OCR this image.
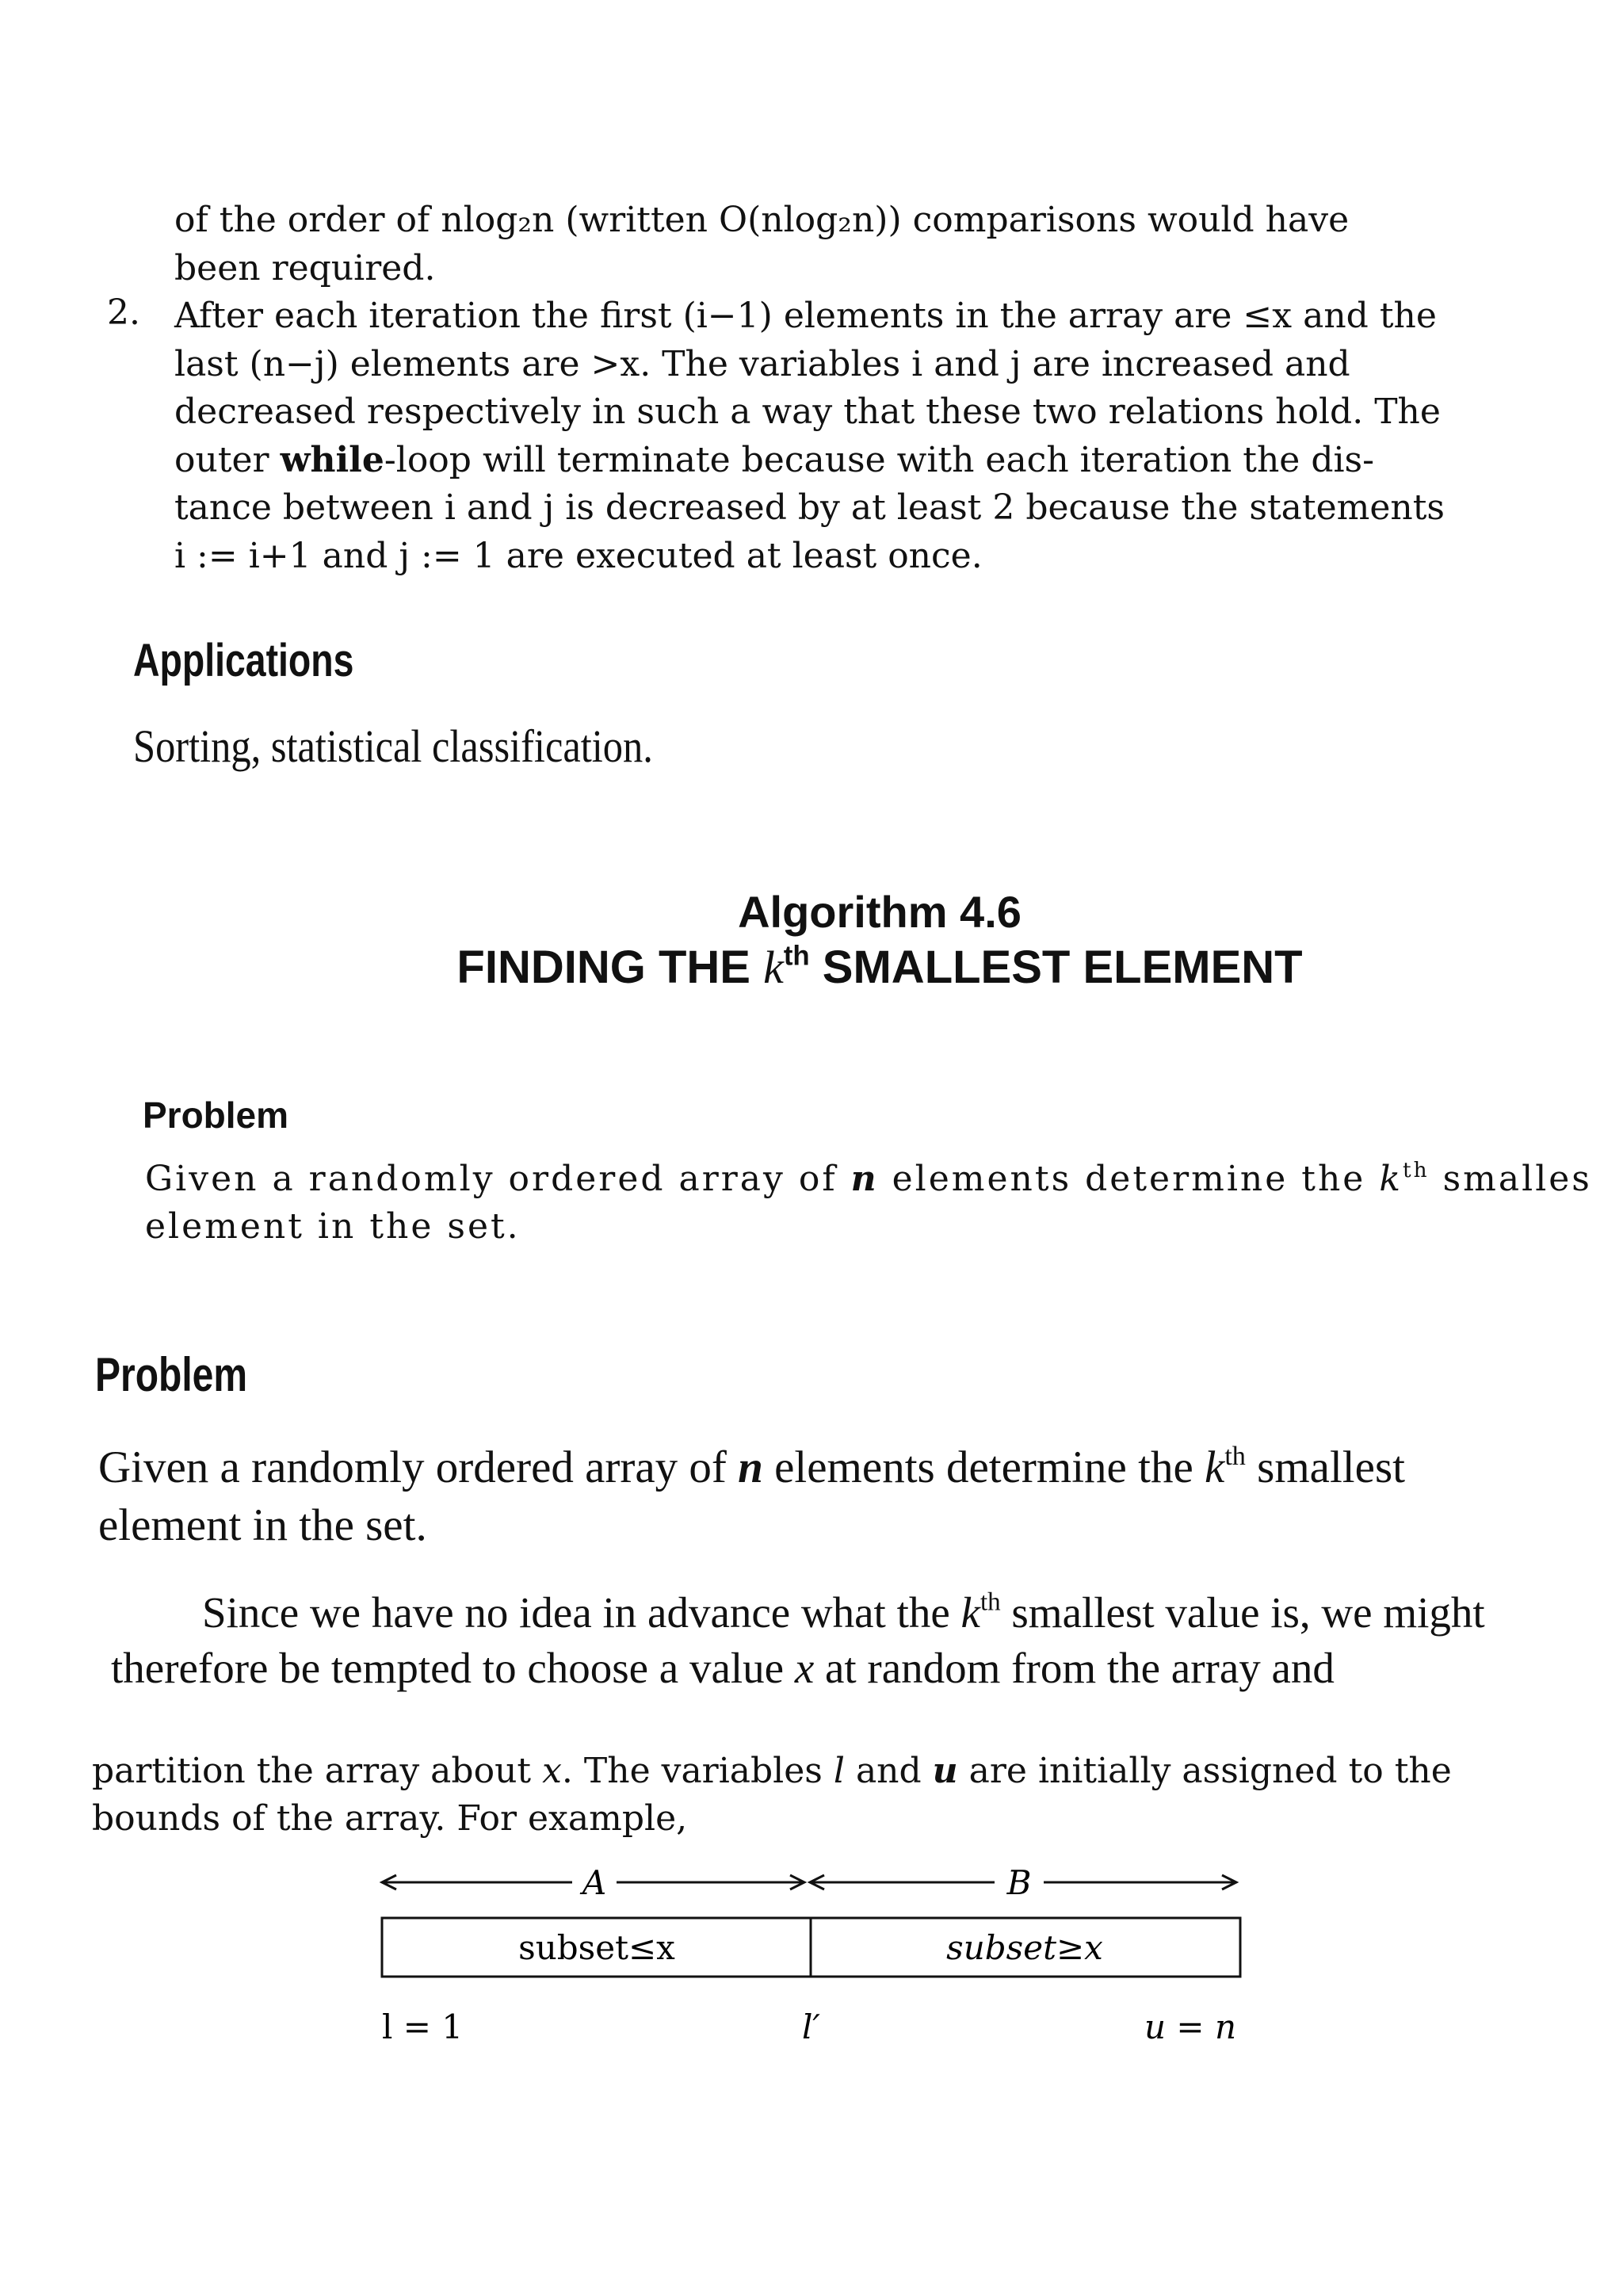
of the order of nlog₂n (written O(nlog₂n)) comparisons would have
been required.
After each iteration the first (i−1) elements in the array are ≤x and the
last (n−j) elements are >x. The variables i and j are increased and
decreased respectively in such a way that these two relations hold. The
outer while-loop will terminate because with each iteration the dis-
tance between i and j is decreased by at least 2 because the statements
i := i+1 and j := 1 are executed at least once.
2.
Applications
Sorting, statistical classification.
Algorithm 4.6
FINDING THE $k^{th}$ SMALLEST ELEMENT
Problem
Given a randomly ordered array of n elements determine the $k^{th}$ smalles
element in the set.
Problem
Given a randomly ordered array of n elements determine the $k^{th}$ smallest
element in the set.
Since we have no idea in advance what the $k^{th}$ smallest value is, we might
therefore be tempted to choose a value x at random from the array and
partition the array about x. The variables l and u are initially assigned to the
bounds of the array. For example,
A	B
subset≤x	subset≥x
l = 1	l′	u = n
